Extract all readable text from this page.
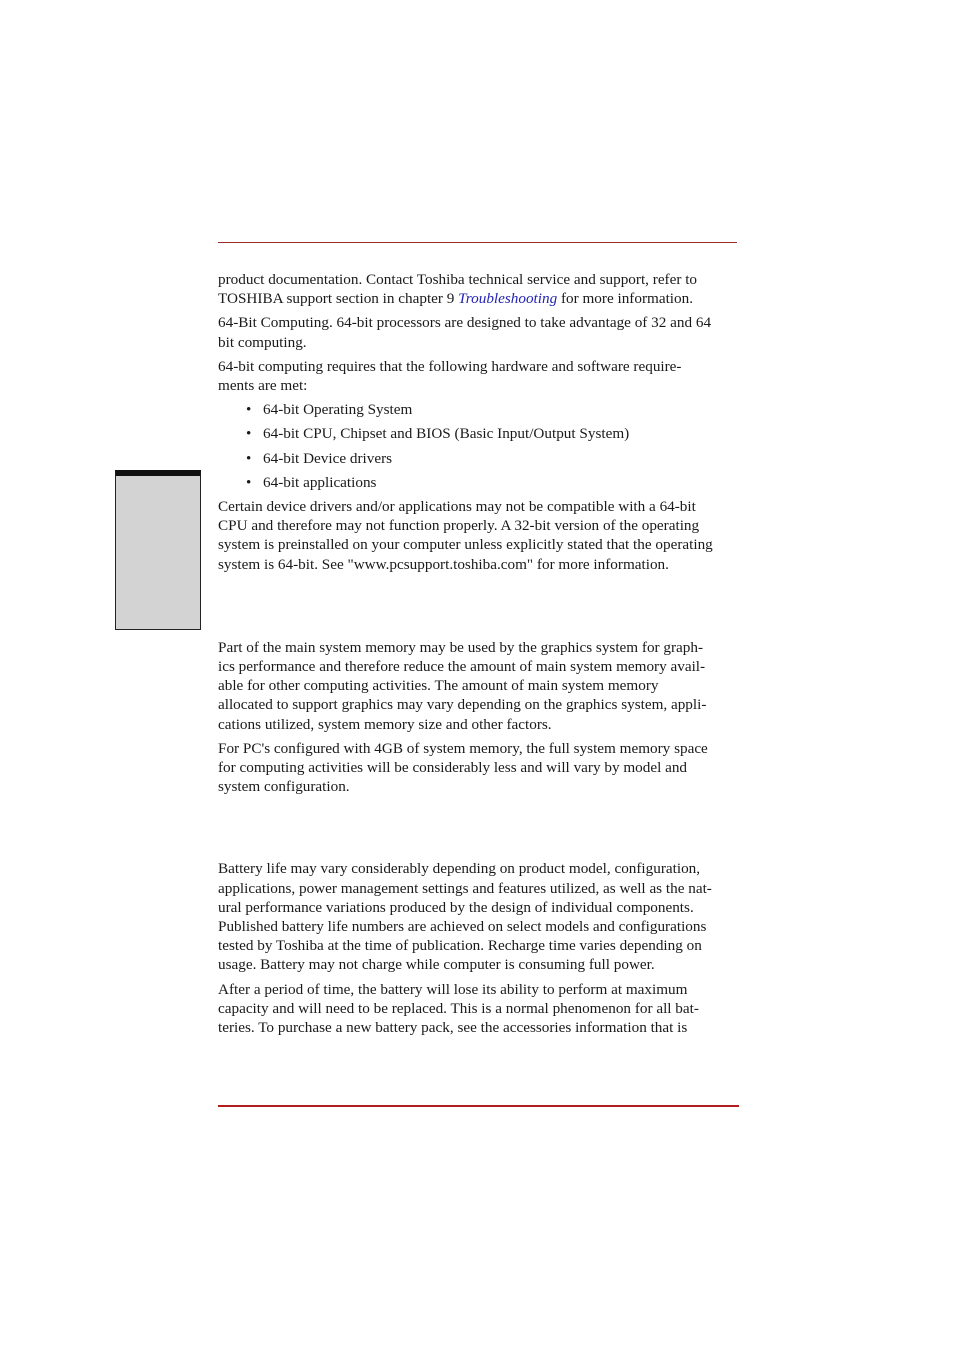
product documentation. Contact Toshiba technical service and support, refer to
TOSHIBA support section in chapter 9 Troubleshooting for more information.

64-Bit Computing. 64-bit processors are designed to take advantage of 32 and 64
bit computing.

64-bit computing requires that the following hardware and software require-
ments are met:

• 64-bit Operating System
• 64-bit CPU, Chipset and BIOS (Basic Input/Output System)
• 64-bit Device drivers
• 64-bit applications

Certain device drivers and/or applications may not be compatible with a 64-bit
CPU and therefore may not function properly. A 32-bit version of the operating
system is preinstalled on your computer unless explicitly stated that the operating
system is 64-bit. See "www.pcsupport.toshiba.com" for more information.

Part of the main system memory may be used by the graphics system for graph-
ics performance and therefore reduce the amount of main system memory avail-
able for other computing activities. The amount of main system memory
allocated to support graphics may vary depending on the graphics system, appli-
cations utilized, system memory size and other factors.

For PC's configured with 4GB of system memory, the full system memory space
for computing activities will be considerably less and will vary by model and
system configuration.

Battery life may vary considerably depending on product model, configuration,
applications, power management settings and features utilized, as well as the nat-
ural performance variations produced by the design of individual components.
Published battery life numbers are achieved on select models and configurations
tested by Toshiba at the time of publication. Recharge time varies depending on
usage. Battery may not charge while computer is consuming full power.

After a period of time, the battery will lose its ability to perform at maximum
capacity and will need to be replaced. This is a normal phenomenon for all bat-
teries. To purchase a new battery pack, see the accessories information that is
